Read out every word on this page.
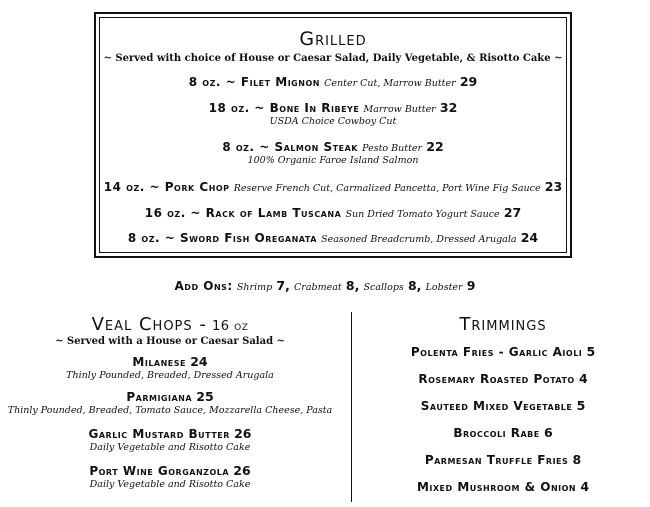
Grilled
~ Served with choice of House or Caesar Salad, Daily Vegetable, & Risotto Cake ~
8 oz. ~ Filet Mignon Center Cut, Marrow Butter 29
18 oz. ~ Bone In Ribeye Marrow Butter 32
USDA Choice Cowboy Cut
8 oz. ~ Salmon Steak Pesto Butter 22
100% Organic Faroe Island Salmon
14 oz. ~ Pork Chop Reserve French Cut, Carmalized Pancetta, Port Wine Fig Sauce 23
16 oz. ~ Rack of Lamb Tuscana Sun Dried Tomato Yogurt Sauce 27
8 oz. ~ Sword Fish Oreganata Seasoned Breadcrumb, Dressed Arugala 24
Add Ons: Shrimp 7, Crabmeat 8, Scallops 8, Lobster 9
Veal Chops - 16 oz
~ Served with a House or Caesar Salad ~
Milanese 24
Thinly Pounded, Breaded, Dressed Arugala
Parmigiana 25
Thinly Pounded, Breaded, Tomato Sauce, Mozzarella Cheese, Pasta
Garlic Mustard Butter 26
Daily Vegetable and Risotto Cake
Port Wine Gorganzola 26
Daily Vegetable and Risotto Cake
Trimmings
Polenta Fries - Garlic Aioli 5
Rosemary Roasted Potato 4
Sauteed Mixed Vegetable 5
Broccoli Rabe 6
Parmesan Truffle Fries 8
Mixed Mushroom & Onion 4
